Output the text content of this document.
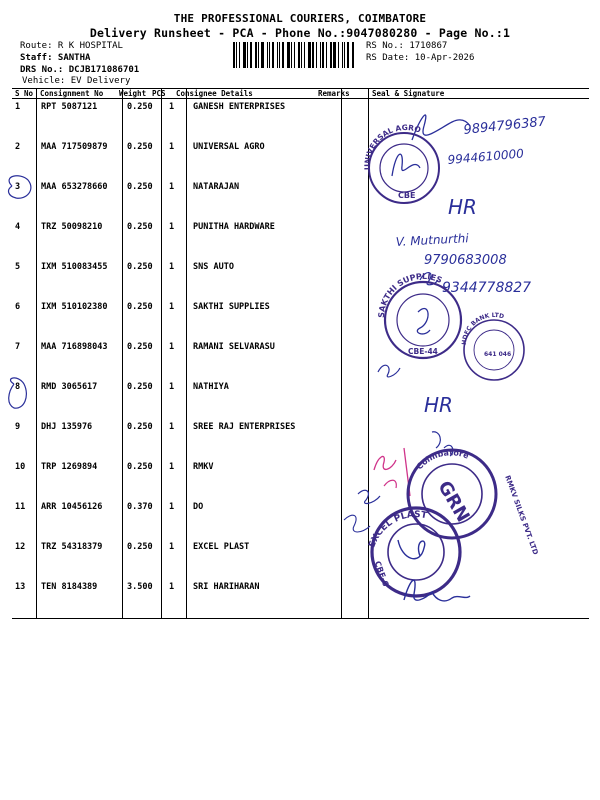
THE PROFESSIONAL COURIERS, COIMBATORE
Delivery Runsheet - PCA - Phone No.:9047080280 - Page No.:1
Route: R K HOSPITAL
Staff: SANTHA
DRS No.: DCJB171086701
Vehicle: EV Delivery
RS No.: 1710867
RS Date: 10-Apr-2026
S No Consignment No Weight PCS Consignee Details	Remarks	Seal & Signature
1 RPT 5087121	0.250 1 GANESH ENTERPRISES
2 MAA 717509879 0.250 1 UNIVERSAL AGRO
3 MAA 653278660 0.250 1 NATARAJAN
4 TRZ 50098210	0.250 1 PUNITHA HARDWARE
5 IXM 510083455 0.250 1 SNS AUTO
6 IXM 510102380 0.250 1 SAKTHI SUPPLIES
7 MAA 716898043 0.250 1 RAMANI SELVARASU
8 RMD 3065617	0.250 1 NATHIYA
9 DHJ 135976	0.250 1 SREE RAJ ENTERPRISES
10 TRP 1269894	0.250 1 RMKV
11 ARR 10456126	0.370 1 DO
12 TRZ 54318379	0.250 1 EXCEL PLAST
13 TEN 8184389	3.500 1 SRI HARIHARAN
9894796387
UNIVERSAL AGRO
CBE
9944610000
HR
V. Mutnurthi
9790683008
9344778827
SAKTHI SUPPLIES
CBE-44
HDFC BANK LTD
641 046
HR
Coimbatore
GRN	RMKV SILKS PVT. LTD
EXCEL PLAST
CBE-6
